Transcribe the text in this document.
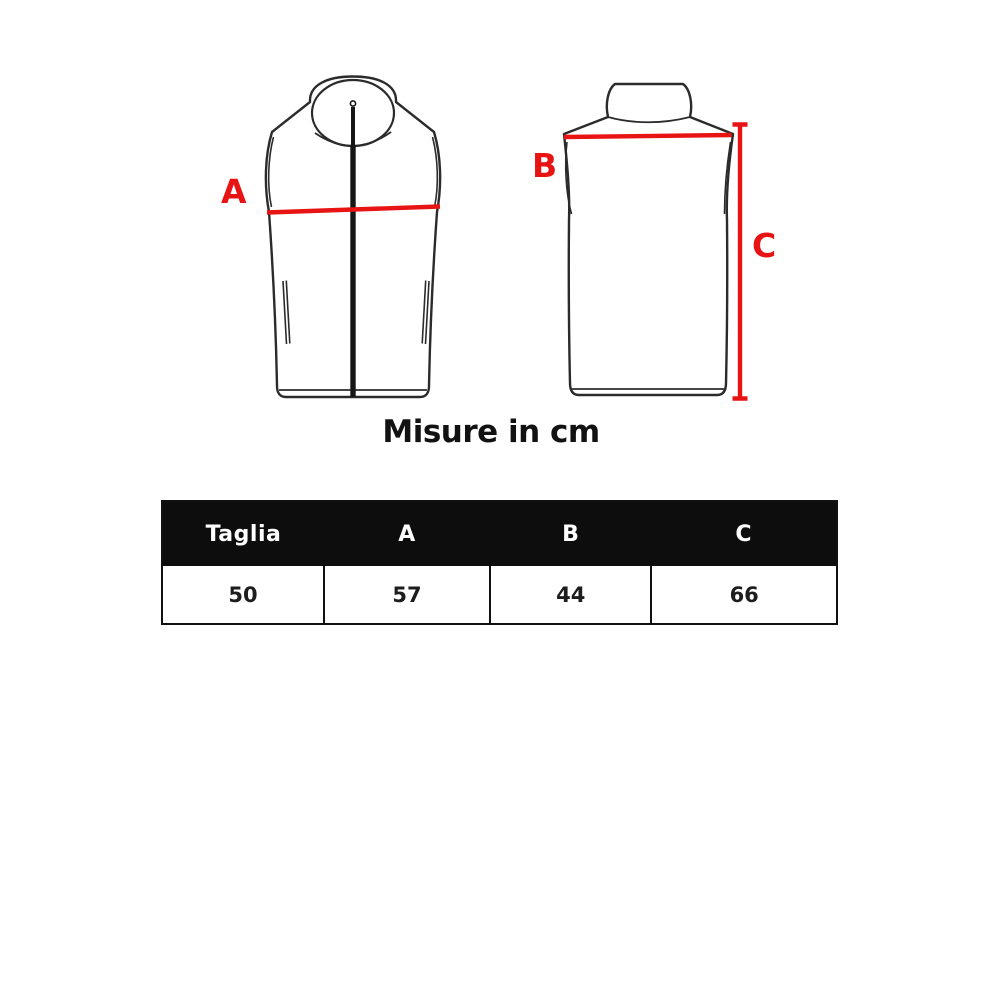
A
B
C
Misure in cm
Taglia	A	B	C
50	57	44	66
